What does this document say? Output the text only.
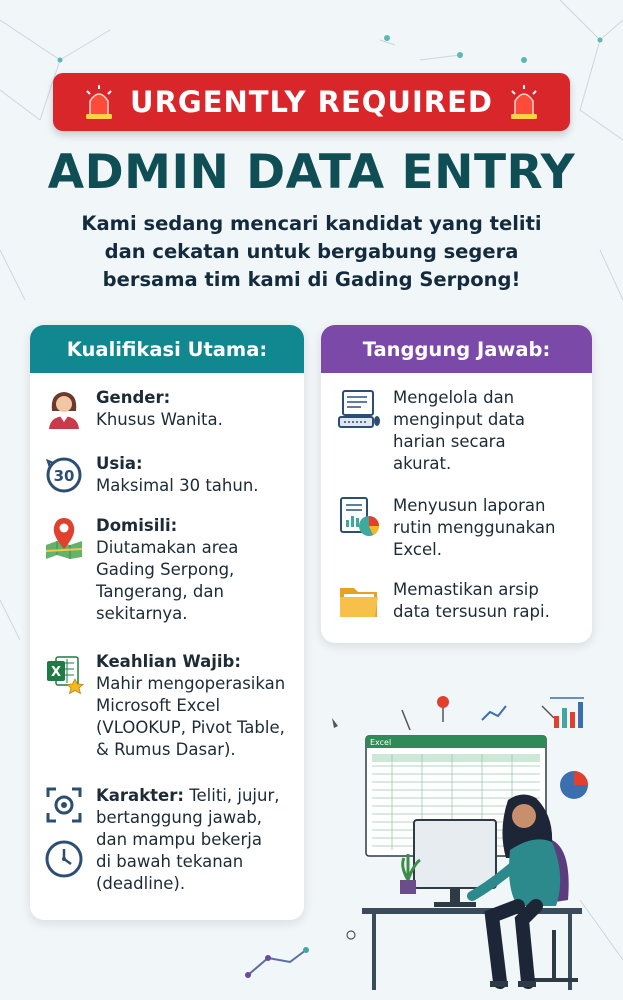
URGENTLY REQUIRED
ADMIN DATA ENTRY
Kami sedang mencari kandidat yang teliti
dan cekatan untuk bergabung segera
bersama tim kami di Gading Serpong!
Kualifikasi Utama:
Gender:
Khusus Wanita.
30
Usia:
Maksimal 30 tahun.
Domisili:
Diutamakan area
Gading Serpong,
Tangerang, dan
sekitarnya.
X
Keahlian Wajib:
Mahir mengoperasikan
Microsoft Excel
(VLOOKUP, Pivot Table,
& Rumus Dasar).

Karakter: Teliti, jujur,
bertanggung jawab,
dan mampu bekerja
di bawah tekanan
(deadline).
Tanggung Jawab:
Mengelola dan
menginput data
harian secara
akurat.
Menyusun laporan
rutin menggunakan
Excel.
Memastikan arsip
data tersusun rapi.
Excel
